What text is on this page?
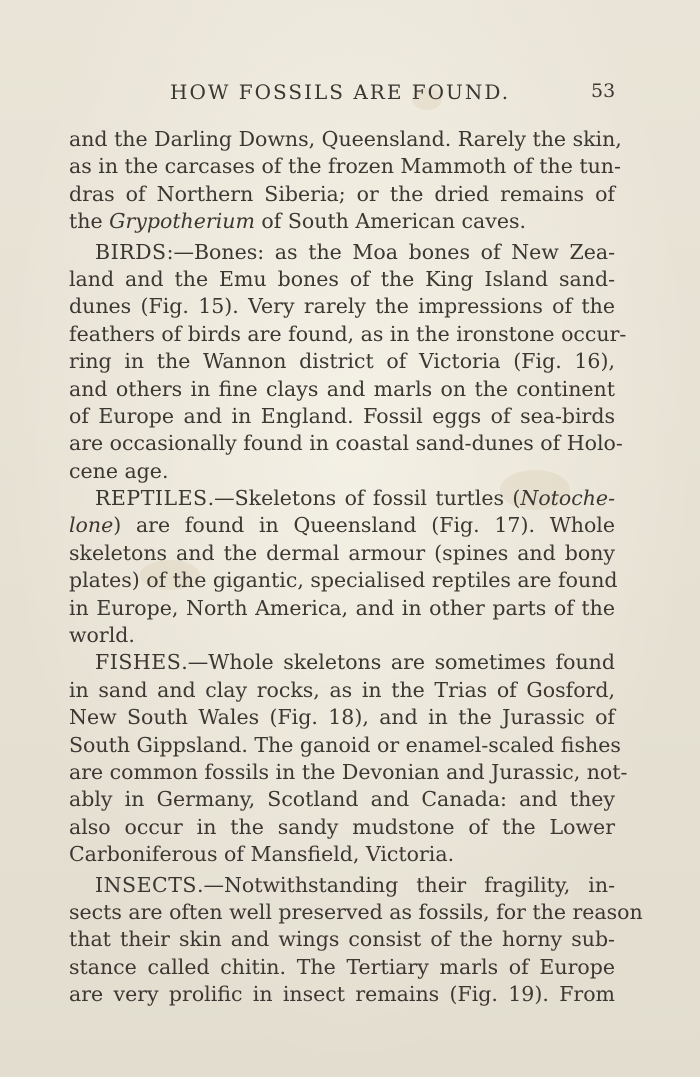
HOW FOSSILS ARE FOUND.	53
and the Darling Downs, Queensland. Rarely the skin,
as in the carcases of the frozen Mammoth of the tun-
dras of Northern Siberia; or the dried remains of
the Grypotherium of South American caves.
BIRDS:—Bones: as the Moa bones of New Zea-
land and the Emu bones of the King Island sand-
dunes (Fig. 15). Very rarely the impressions of the
feathers of birds are found, as in the ironstone occur-
ring in the Wannon district of Victoria (Fig. 16),
and others in fine clays and marls on the continent
of Europe and in England. Fossil eggs of sea-birds
are occasionally found in coastal sand-dunes of Holo-
cene age.
REPTILES.—Skeletons of fossil turtles (Notoche-
lone) are found in Queensland (Fig. 17). Whole
skeletons and the dermal armour (spines and bony
plates) of the gigantic, specialised reptiles are found
in Europe, North America, and in other parts of the
world.
FISHES.—Whole skeletons are sometimes found
in sand and clay rocks, as in the Trias of Gosford,
New South Wales (Fig. 18), and in the Jurassic of
South Gippsland. The ganoid or enamel-scaled fishes
are common fossils in the Devonian and Jurassic, not-
ably in Germany, Scotland and Canada: and they
also occur in the sandy mudstone of the Lower
Carboniferous of Mansfield, Victoria.
INSECTS.—Notwithstanding their fragility, in-
sects are often well preserved as fossils, for the reason
that their skin and wings consist of the horny sub-
stance called chitin. The Tertiary marls of Europe
are very prolific in insect remains (Fig. 19). From
